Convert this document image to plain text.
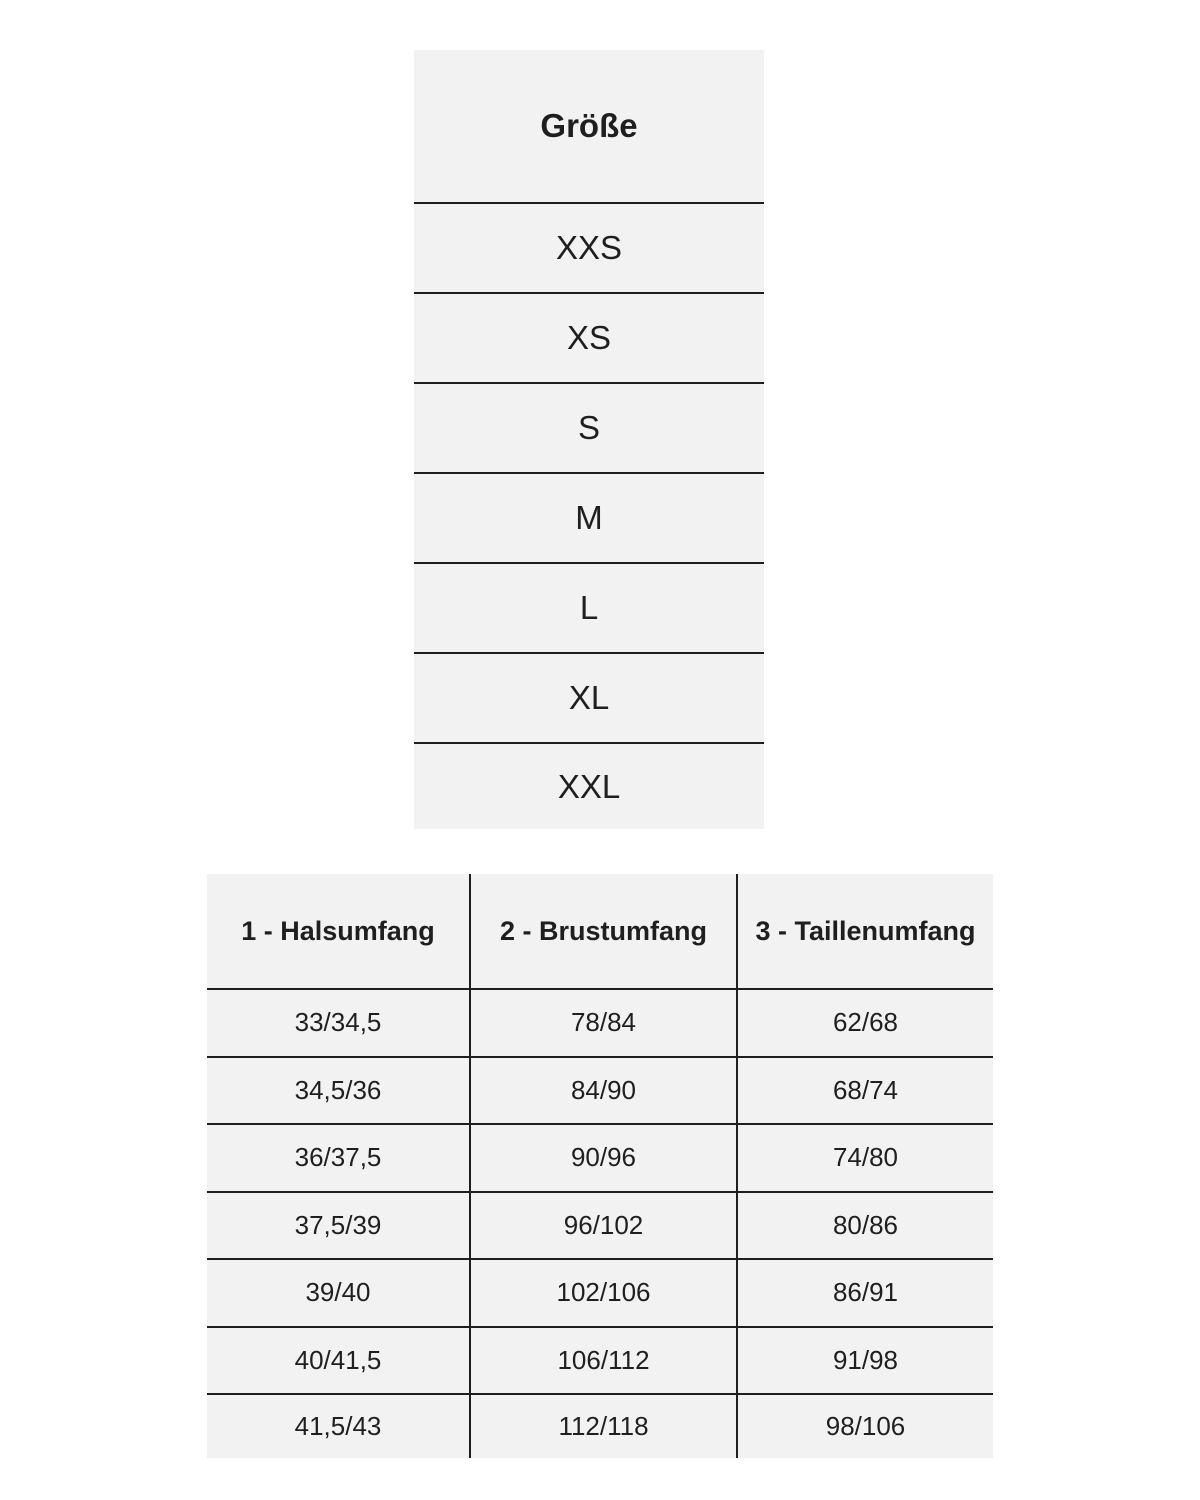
Größe
XXS
XS
S
M
L
XL
XXL
1 - Halsumfang	2 - Brustumfang	3 - Taillenumfang
33/34,5	78/84	62/68
34,5/36	84/90	68/74
36/37,5	90/96	74/80
37,5/39	96/102	80/86
39/40	102/106	86/91
40/41,5	106/112	91/98
41,5/43	112/118	98/106
